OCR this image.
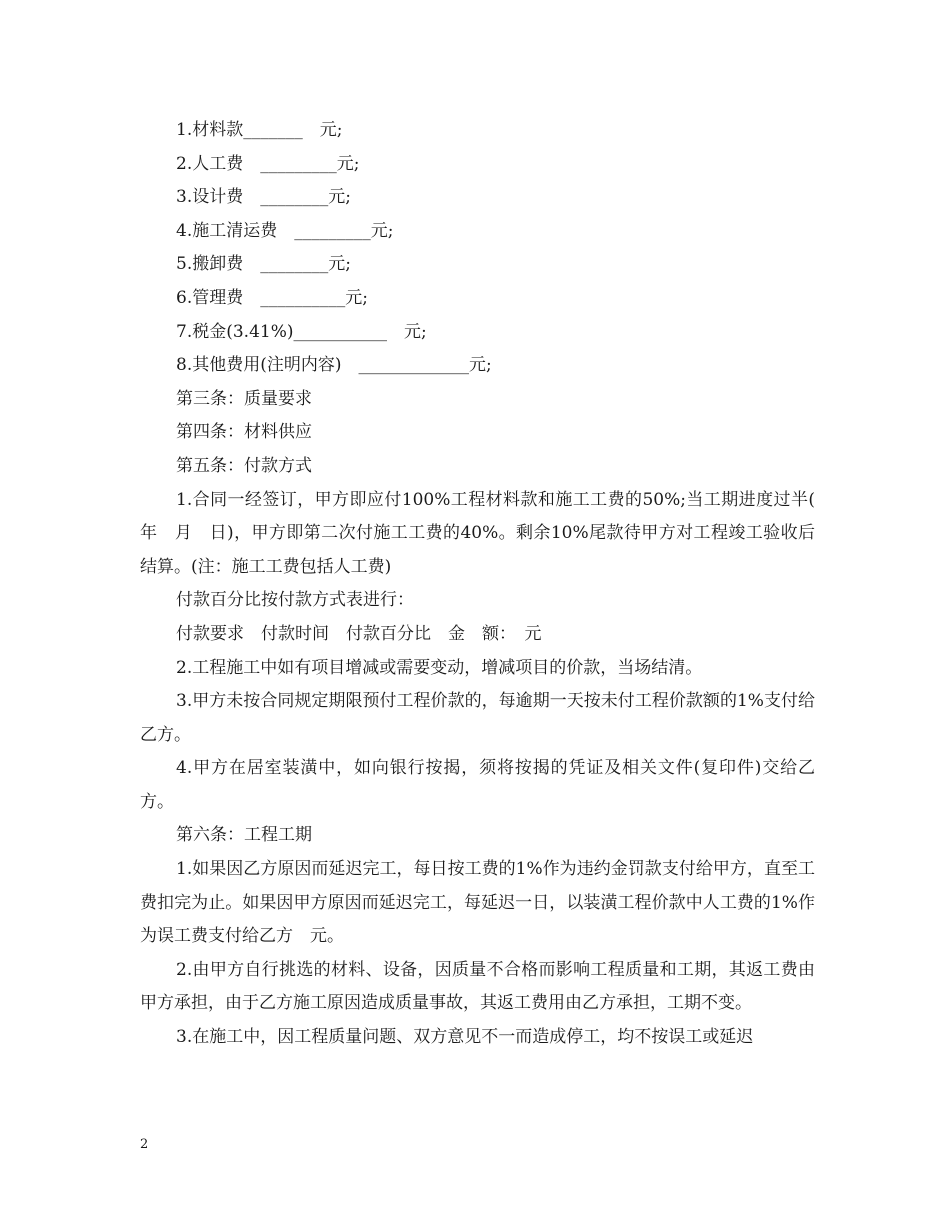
1.材料款_______　元;

2.人工费　_________元;

3.设计费　________元;

4.施工清运费　_________元;

5.搬卸费　________元;

6.管理费　__________元;

7.税金(3.41%)___________　元;

8.其他费用(注明内容)　_____________元;

第三条：质量要求

第四条：材料供应

第五条：付款方式

1.合同一经签订，甲方即应付100%工程材料款和施工工费的50%;当工期进度过半(　年　月　日)，甲方即第二次付施工工费的40%。剩余10%尾款待甲方对工程竣工验收后结算。(注：施工工费包括人工费)

付款百分比按付款方式表进行：

付款要求　付款时间　付款百分比　金　额：　元

2.工程施工中如有项目增减或需要变动，增减项目的价款，当场结清。

3.甲方未按合同规定期限预付工程价款的，每逾期一天按未付工程价款额的1%支付给乙方。

4.甲方在居室装潢中，如向银行按揭，须将按揭的凭证及相关文件(复印件)交给乙方。

第六条：工程工期

1.如果因乙方原因而延迟完工，每日按工费的1%作为违约金罚款支付给甲方，直至工费扣完为止。如果因甲方原因而延迟完工，每延迟一日，以装潢工程价款中人工费的1%作为误工费支付给乙方　元。

2.由甲方自行挑选的材料、设备，因质量不合格而影响工程质量和工期，其返工费由甲方承担，由于乙方施工原因造成质量事故，其返工费用由乙方承担，工期不变。

3.在施工中，因工程质量问题、双方意见不一而造成停工，均不按误工或延迟

2
